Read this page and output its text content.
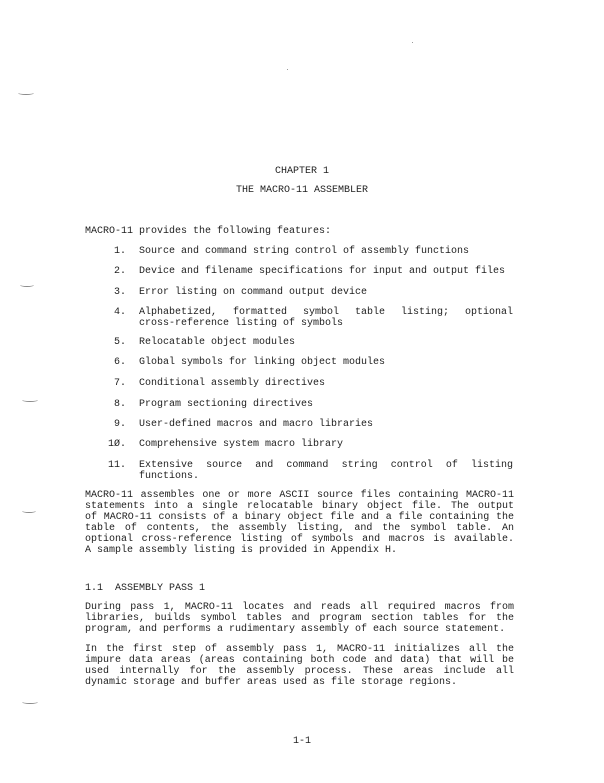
CHAPTER 1
THE MACRO-11 ASSEMBLER
MACRO-11 provides the following features:
1. Source and command string control of assembly functions
2. Device and filename specifications for input and output files
3. Error listing on command output device
4. Alphabetized, formatted symbol table listing; optional
cross-reference listing of symbols
5. Relocatable object modules
6. Global symbols for linking object modules
7. Conditional assembly directives
8. Program sectioning directives
9. User-defined macros and macro libraries
1Ø. Comprehensive system macro library
11. Extensive source and command string control of listing
functions.
MACRO-11 assembles one or more ASCII source files containing MACRO-11
statements into a single relocatable binary object file. The output
of MACRO-11 consists of a binary object file and a file containing the
table of contents, the assembly listing, and the symbol table. An
optional cross-reference listing of symbols and macros is available.
A sample assembly listing is provided in Appendix H.
1.1  ASSEMBLY PASS 1
During pass 1, MACRO-11 locates and reads all required macros from
libraries, builds symbol tables and program section tables for the
program, and performs a rudimentary assembly of each source statement.
In the first step of assembly pass 1, MACRO-11 initializes all the
impure data areas (areas containing both code and data) that will be
used internally for the assembly process. These areas include all
dynamic storage and buffer areas used as file storage regions.
1-1
